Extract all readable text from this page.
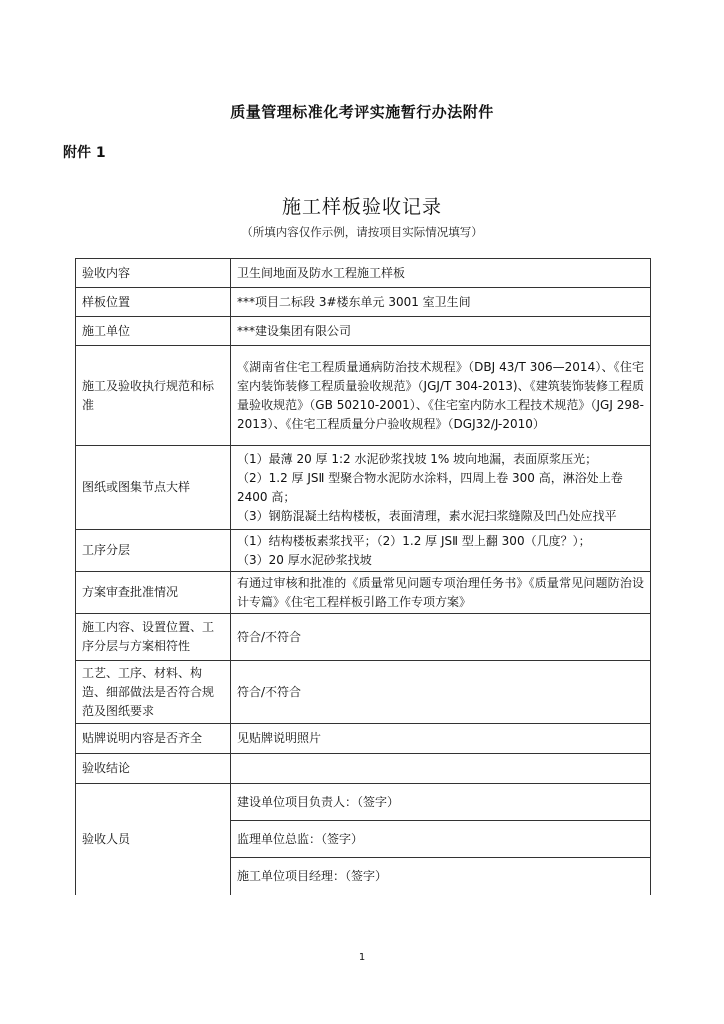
质量管理标准化考评实施暂行办法附件
附件 1
施工样板验收记录
（所填内容仅作示例，请按项目实际情况填写）
验收内容	卫生间地面及防水工程施工样板
样板位置	***项目二标段 3#楼东单元 3001 室卫生间
施工单位	***建设集团有限公司
施工及验收执行规范和标准	《湖南省住宅工程质量通病防治技术规程》（DBJ 43/T 306—2014）、《住宅室内装饰装修工程质量验收规范》（JGJ/T 304-2013)、《建筑装饰装修工程质量验收规范》（GB 50210-2001）、《住宅室内防水工程技术规范》（JGJ 298-2013）、《住宅工程质量分户验收规程》（DGJ32/J-2010）
图纸或图集节点大样	（1）最薄 20 厚 1:2 水泥砂浆找坡 1% 坡向地漏，表面原浆压光；
（2）1.2 厚 JSⅡ 型聚合物水泥防水涂料，四周上卷 300 高，淋浴处上卷 2400 高；
（3）钢筋混凝土结构楼板，表面清理，素水泥扫浆缝隙及凹凸处应找平

工序分层	（1）结构楼板素浆找平；（2）1.2 厚 JSⅡ 型上翻 300（几度？）；
（3）20 厚水泥砂浆找坡

方案审查批准情况	有通过审核和批准的《质量常见问题专项治理任务书》《质量常见问题防治设计专篇》《住宅工程样板引路工作专项方案》
施工内容、设置位置、工序分层与方案相符性	符合/不符合
工艺、工序、材料、构造、细部做法是否符合规范及图纸要求	符合/不符合
贴牌说明内容是否齐全	见贴牌说明照片
验收结论	
验收人员	建设单位项目负责人：（签字）
	监理单位总监：（签字）
	施工单位项目经理：（签字）
1
